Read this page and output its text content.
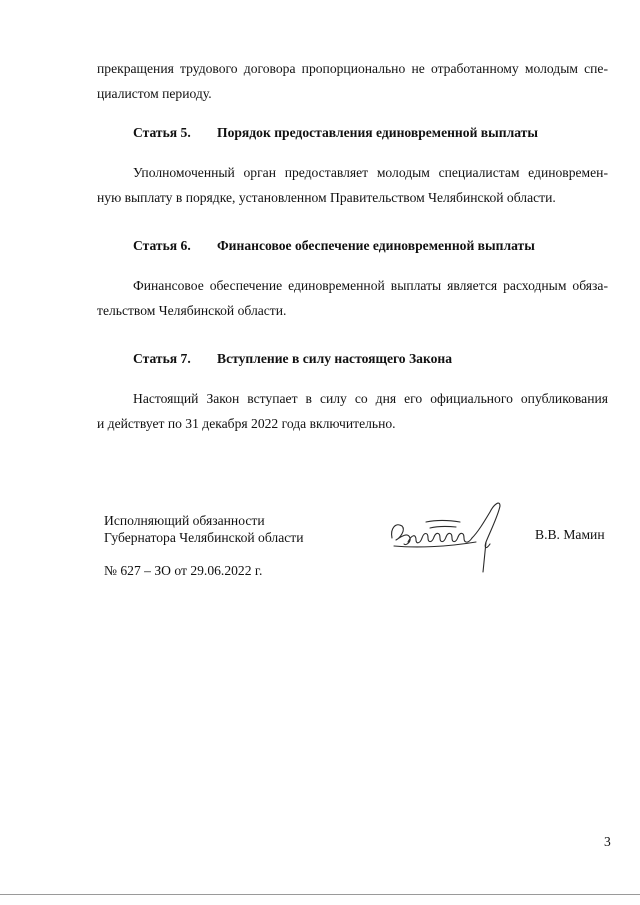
прекращения трудового договора пропорционально не отработанному молодым спе-
циалистом периоду.

Статья 5. Порядок предоставления единовременной выплаты

Уполномоченный орган предоставляет молодым специалистам единовремен-
ную выплату в порядке, установленном Правительством Челябинской области.

Статья 6. Финансовое обеспечение единовременной выплаты

Финансовое обеспечение единовременной выплаты является расходным обяза-
тельством Челябинской области.

Статья 7. Вступление в силу настоящего Закона

Настоящий Закон вступает в силу со дня его официального опубликования
и действует по 31 декабря 2022 года включительно.

Исполняющий обязанности
Губернатора Челябинской области	В.В. Мамин
№ 627 – ЗО от 29.06.2022 г.
3
